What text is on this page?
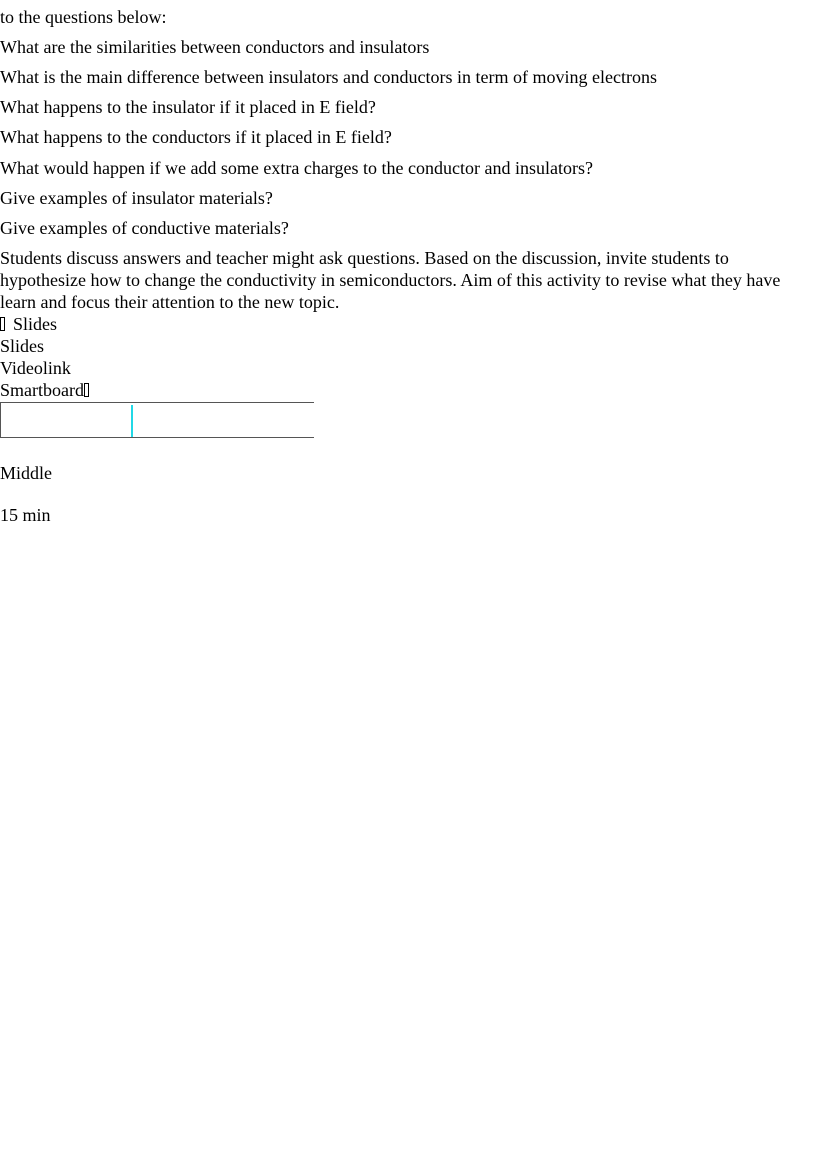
to the questions below:
What are the similarities between conductors and insulators
What is the main difference between insulators and conductors in term of moving electrons
What happens to the insulator if it placed in E field?
What happens to the conductors if it placed in E field?
What would happen if we add some extra charges to the conductor and insulators?
Give examples of insulator materials?
Give examples of conductive materials?
Students discuss answers and teacher might ask questions. Based on the discussion, invite students to hypothesize how to change the conductivity in semiconductors. Aim of this activity to revise what they have learn and focus their attention to the new topic.
Slides
Slides
Videolink
Smartboard
Middle
15 min
